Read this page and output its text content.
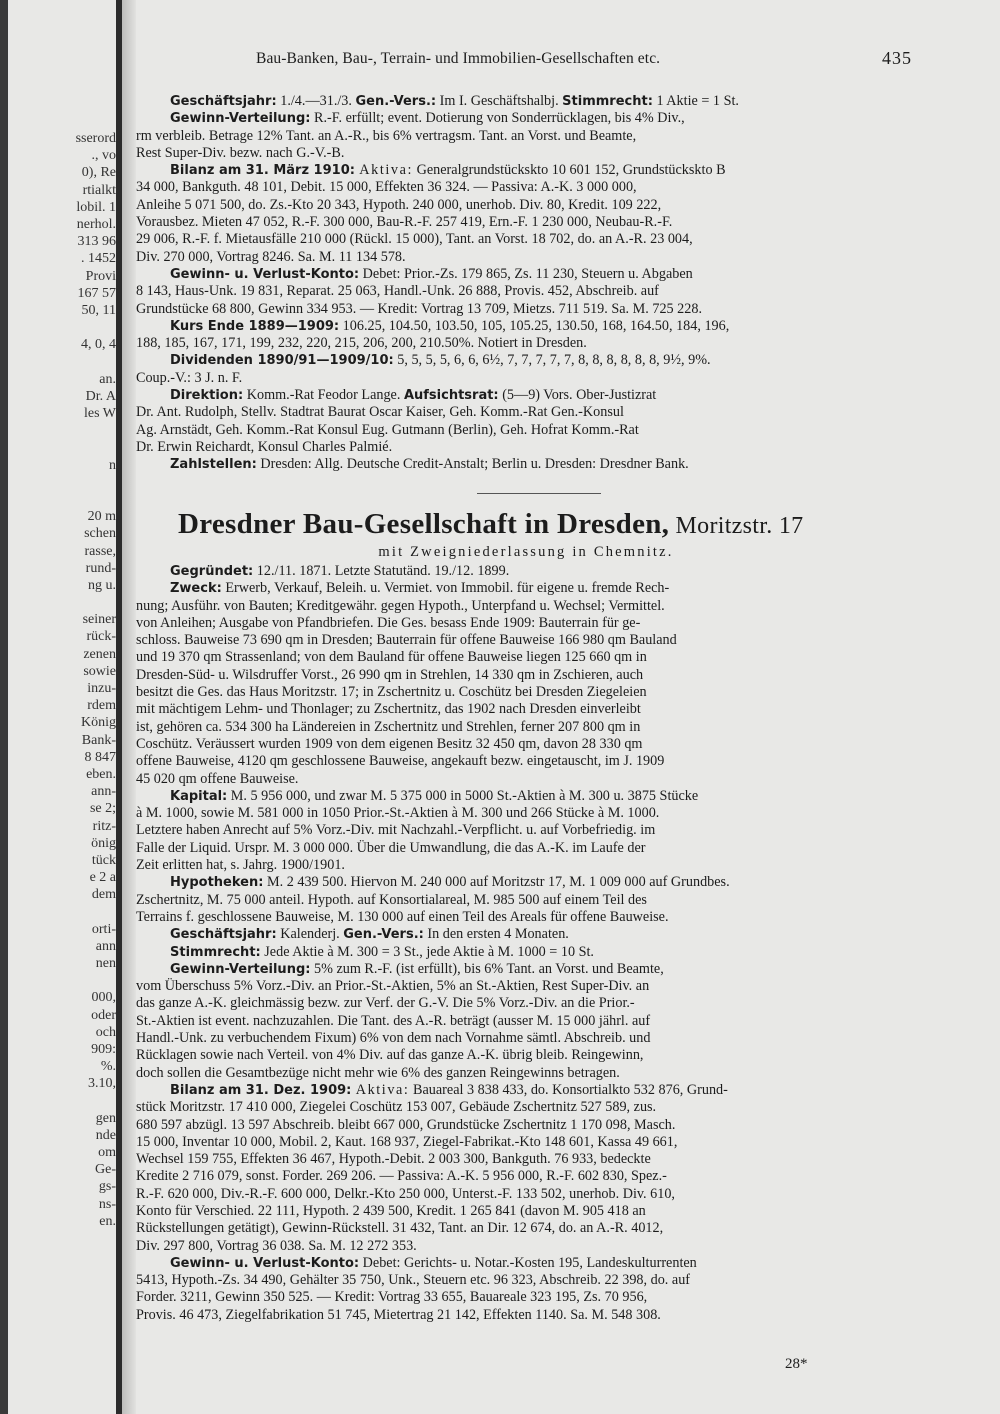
sserord
., vo
0), Re
rtialkt
lobil. 1
nerhol.
313 96
. 1452
Provi
167 57
50, 11

4, 0, 4

an.
Dr. A
les W

n

20 m
schen
rasse,
rund-
ng u.

seiner
rück-
zenen
sowie
inzu-
rdem
König
Bank-
8 847
eben.
ann-
se 2;
ritz-
önig
tück
e 2 a
dem

orti-
ann
nen

000,
oder
och
909:
%.
3.10,

gen
nde
om
Ge-
gs-
ns-
en.
Bau-Banken, Bau-, Terrain- und Immobilien-Gesellschaften etc.	435
Geschäftsjahr: 1./4.—31./3. Gen.-Vers.: Im I. Geschäftshalbj. Stimmrecht: 1 Aktie = 1 St.
Gewinn-Verteilung: R.-F. erfüllt; event. Dotierung von Sonderrücklagen, bis 4% Div.,
rm verbleib. Betrage 12% Tant. an A.-R., bis 6% vertragsm. Tant. an Vorst. und Beamte,
Rest Super-Div. bezw. nach G.-V.-B.
Bilanz am 31. März 1910: Aktiva: Generalgrundstückskto 10 601 152, Grundstückskto B
34 000, Bankguth. 48 101, Debit. 15 000, Effekten 36 324. — Passiva: A.-K. 3 000 000,
Anleihe 5 071 500, do. Zs.-Kto 20 343, Hypoth. 240 000, unerhob. Div. 80, Kredit. 109 222,
Vorausbez. Mieten 47 052, R.-F. 300 000, Bau-R.-F. 257 419, Ern.-F. 1 230 000, Neubau-R.-F.
29 006, R.-F. f. Mietausfälle 210 000 (Rückl. 15 000), Tant. an Vorst. 18 702, do. an A.-R. 23 004,
Div. 270 000, Vortrag 8246. Sa. M. 11 134 578.
Gewinn- u. Verlust-Konto: Debet: Prior.-Zs. 179 865, Zs. 11 230, Steuern u. Abgaben
8 143, Haus-Unk. 19 831, Reparat. 25 063, Handl.-Unk. 26 888, Provis. 452, Abschreib. auf
Grundstücke 68 800, Gewinn 334 953. — Kredit: Vortrag 13 709, Mietzs. 711 519. Sa. M. 725 228.
Kurs Ende 1889—1909: 106.25, 104.50, 103.50, 105, 105.25, 130.50, 168, 164.50, 184, 196,
188, 185, 167, 171, 199, 232, 220, 215, 206, 200, 210.50%. Notiert in Dresden.
Dividenden 1890/91—1909/10: 5, 5, 5, 5, 6, 6, 6½, 7, 7, 7, 7, 7, 8, 8, 8, 8, 8, 8, 9½, 9%.
Coup.-V.: 3 J. n. F.
Direktion: Komm.-Rat Feodor Lange. Aufsichtsrat: (5—9) Vors. Ober-Justizrat
Dr. Ant. Rudolph, Stellv. Stadtrat Baurat Oscar Kaiser, Geh. Komm.-Rat Gen.-Konsul
Ag. Arnstädt, Geh. Komm.-Rat Konsul Eug. Gutmann (Berlin), Geh. Hofrat Komm.-Rat
Dr. Erwin Reichardt, Konsul Charles Palmié.
Zahlstellen: Dresden: Allg. Deutsche Credit-Anstalt; Berlin u. Dresden: Dresdner Bank.
Dresdner Bau-Gesellschaft in Dresden, Moritzstr. 17
mit Zweigniederlassung in Chemnitz.
Gegründet: 12./11. 1871. Letzte Statutänd. 19./12. 1899.
Zweck: Erwerb, Verkauf, Beleih. u. Vermiet. von Immobil. für eigene u. fremde Rech-
nung; Ausführ. von Bauten; Kreditgewähr. gegen Hypoth., Unterpfand u. Wechsel; Vermittel.
von Anleihen; Ausgabe von Pfandbriefen. Die Ges. besass Ende 1909: Bauterrain für ge-
schloss. Bauweise 73 690 qm in Dresden; Bauterrain für offene Bauweise 166 980 qm Bauland
und 19 370 qm Strassenland; von dem Bauland für offene Bauweise liegen 125 660 qm in
Dresden-Süd- u. Wilsdruffer Vorst., 26 990 qm in Strehlen, 14 330 qm in Zschieren, auch
besitzt die Ges. das Haus Moritzstr. 17; in Zschertnitz u. Coschütz bei Dresden Ziegeleien
mit mächtigem Lehm- und Thonlager; zu Zschertnitz, das 1902 nach Dresden einverleibt
ist, gehören ca. 534 300 ha Ländereien in Zschertnitz und Strehlen, ferner 207 800 qm in
Coschütz. Veräussert wurden 1909 von dem eigenen Besitz 32 450 qm, davon 28 330 qm
offene Bauweise, 4120 qm geschlossene Bauweise, angekauft bezw. eingetauscht, im J. 1909
45 020 qm offene Bauweise.
Kapital: M. 5 956 000, und zwar M. 5 375 000 in 5000 St.-Aktien à M. 300 u. 3875 Stücke
à M. 1000, sowie M. 581 000 in 1050 Prior.-St.-Aktien à M. 300 und 266 Stücke à M. 1000.
Letztere haben Anrecht auf 5% Vorz.-Div. mit Nachzahl.-Verpflicht. u. auf Vorbefriedig. im
Falle der Liquid. Urspr. M. 3 000 000. Über die Umwandlung, die das A.-K. im Laufe der
Zeit erlitten hat, s. Jahrg. 1900/1901.
Hypotheken: M. 2 439 500. Hiervon M. 240 000 auf Moritzstr 17, M. 1 009 000 auf Grundbes.
Zschertnitz, M. 75 000 anteil. Hypoth. auf Konsortialareal, M. 985 500 auf einem Teil des
Terrains f. geschlossene Bauweise, M. 130 000 auf einen Teil des Areals für offene Bauweise.
Geschäftsjahr: Kalenderj. Gen.-Vers.: In den ersten 4 Monaten.
Stimmrecht: Jede Aktie à M. 300 = 3 St., jede Aktie à M. 1000 = 10 St.
Gewinn-Verteilung: 5% zum R.-F. (ist erfüllt), bis 6% Tant. an Vorst. und Beamte,
vom Überschuss 5% Vorz.-Div. an Prior.-St.-Aktien, 5% an St.-Aktien, Rest Super-Div. an
das ganze A.-K. gleichmässig bezw. zur Verf. der G.-V. Die 5% Vorz.-Div. an die Prior.-
St.-Aktien ist event. nachzuzahlen. Die Tant. des A.-R. beträgt (ausser M. 15 000 jährl. auf
Handl.-Unk. zu verbuchendem Fixum) 6% von dem nach Vornahme sämtl. Abschreib. und
Rücklagen sowie nach Verteil. von 4% Div. auf das ganze A.-K. übrig bleib. Reingewinn,
doch sollen die Gesamtbezüge nicht mehr wie 6% des ganzen Reingewinns betragen.
Bilanz am 31. Dez. 1909: Aktiva: Bauareal 3 838 433, do. Konsortialkto 532 876, Grund-
stück Moritzstr. 17 410 000, Ziegelei Coschütz 153 007, Gebäude Zschertnitz 527 589, zus.
680 597 abzügl. 13 597 Abschreib. bleibt 667 000, Grundstücke Zschertnitz 1 170 098, Masch.
15 000, Inventar 10 000, Mobil. 2, Kaut. 168 937, Ziegel-Fabrikat.-Kto 148 601, Kassa 49 661,
Wechsel 159 755, Effekten 36 467, Hypoth.-Debit. 2 003 300, Bankguth. 76 933, bedeckte
Kredite 2 716 079, sonst. Forder. 269 206. — Passiva: A.-K. 5 956 000, R.-F. 602 830, Spez.-
R.-F. 620 000, Div.-R.-F. 600 000, Delkr.-Kto 250 000, Unterst.-F. 133 502, unerhob. Div. 610,
Konto für Verschied. 22 111, Hypoth. 2 439 500, Kredit. 1 265 841 (davon M. 905 418 an
Rückstellungen getätigt), Gewinn-Rückstell. 31 432, Tant. an Dir. 12 674, do. an A.-R. 4012,
Div. 297 800, Vortrag 36 038. Sa. M. 12 272 353.
Gewinn- u. Verlust-Konto: Debet: Gerichts- u. Notar.-Kosten 195, Landeskulturrenten
5413, Hypoth.-Zs. 34 490, Gehälter 35 750, Unk., Steuern etc. 96 323, Abschreib. 22 398, do. auf
Forder. 3211, Gewinn 350 525. — Kredit: Vortrag 33 655, Bauareale 323 195, Zs. 70 956,
Provis. 46 473, Ziegelfabrikation 51 745, Mietertrag 21 142, Effekten 1140. Sa. M. 548 308.
28*
